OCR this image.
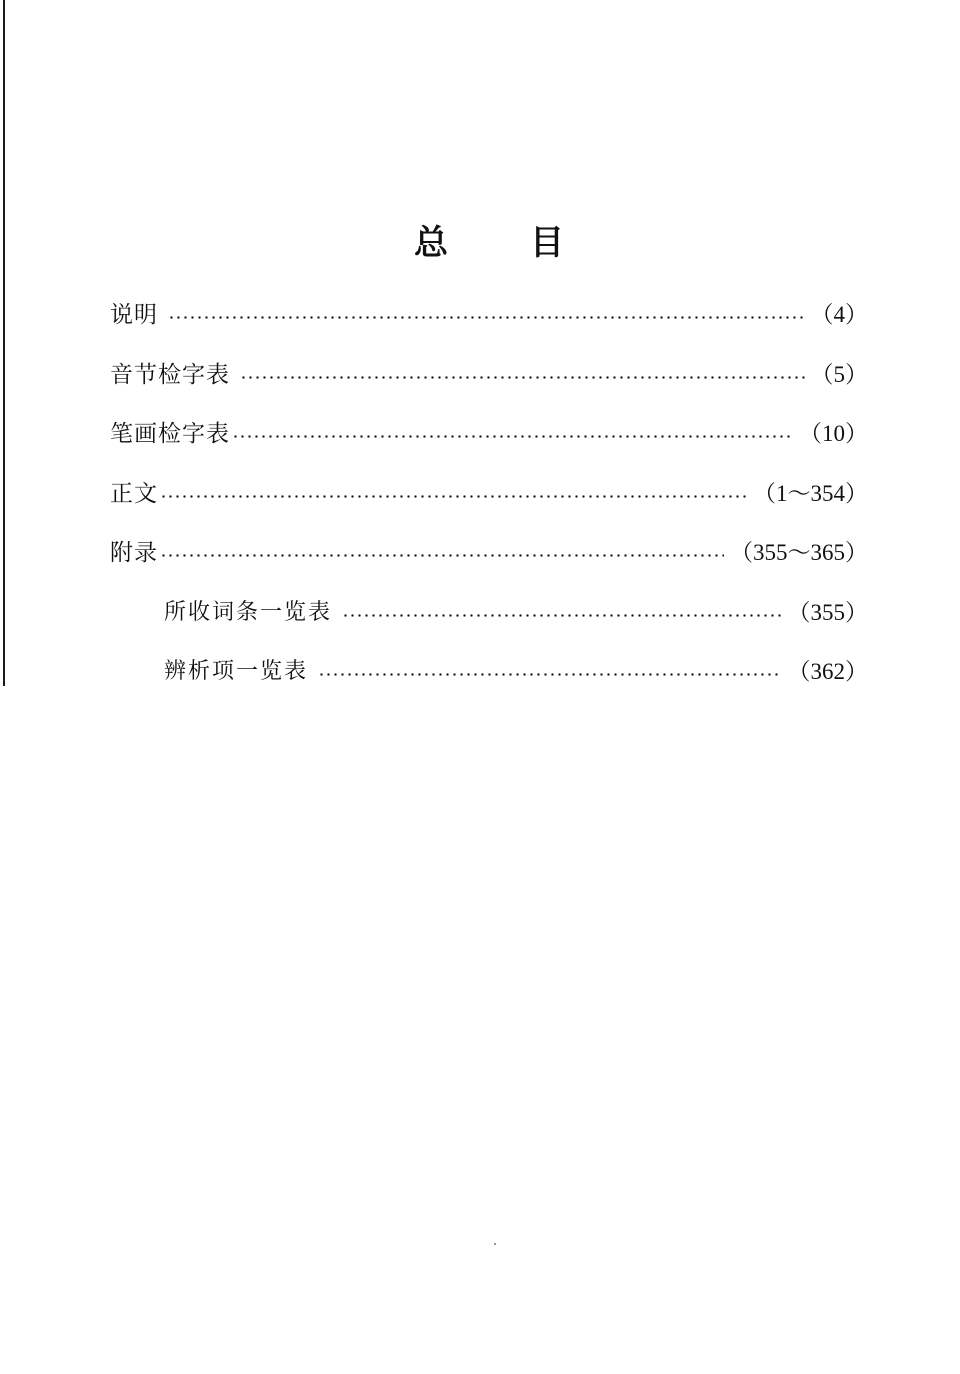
总 目
说明	（4）
音节检字表	（5）
笔画检字表	（10）
正文	（1～354）
附录	（355～365）
所收词条一览表	（355）
辨析项一览表	（362）
